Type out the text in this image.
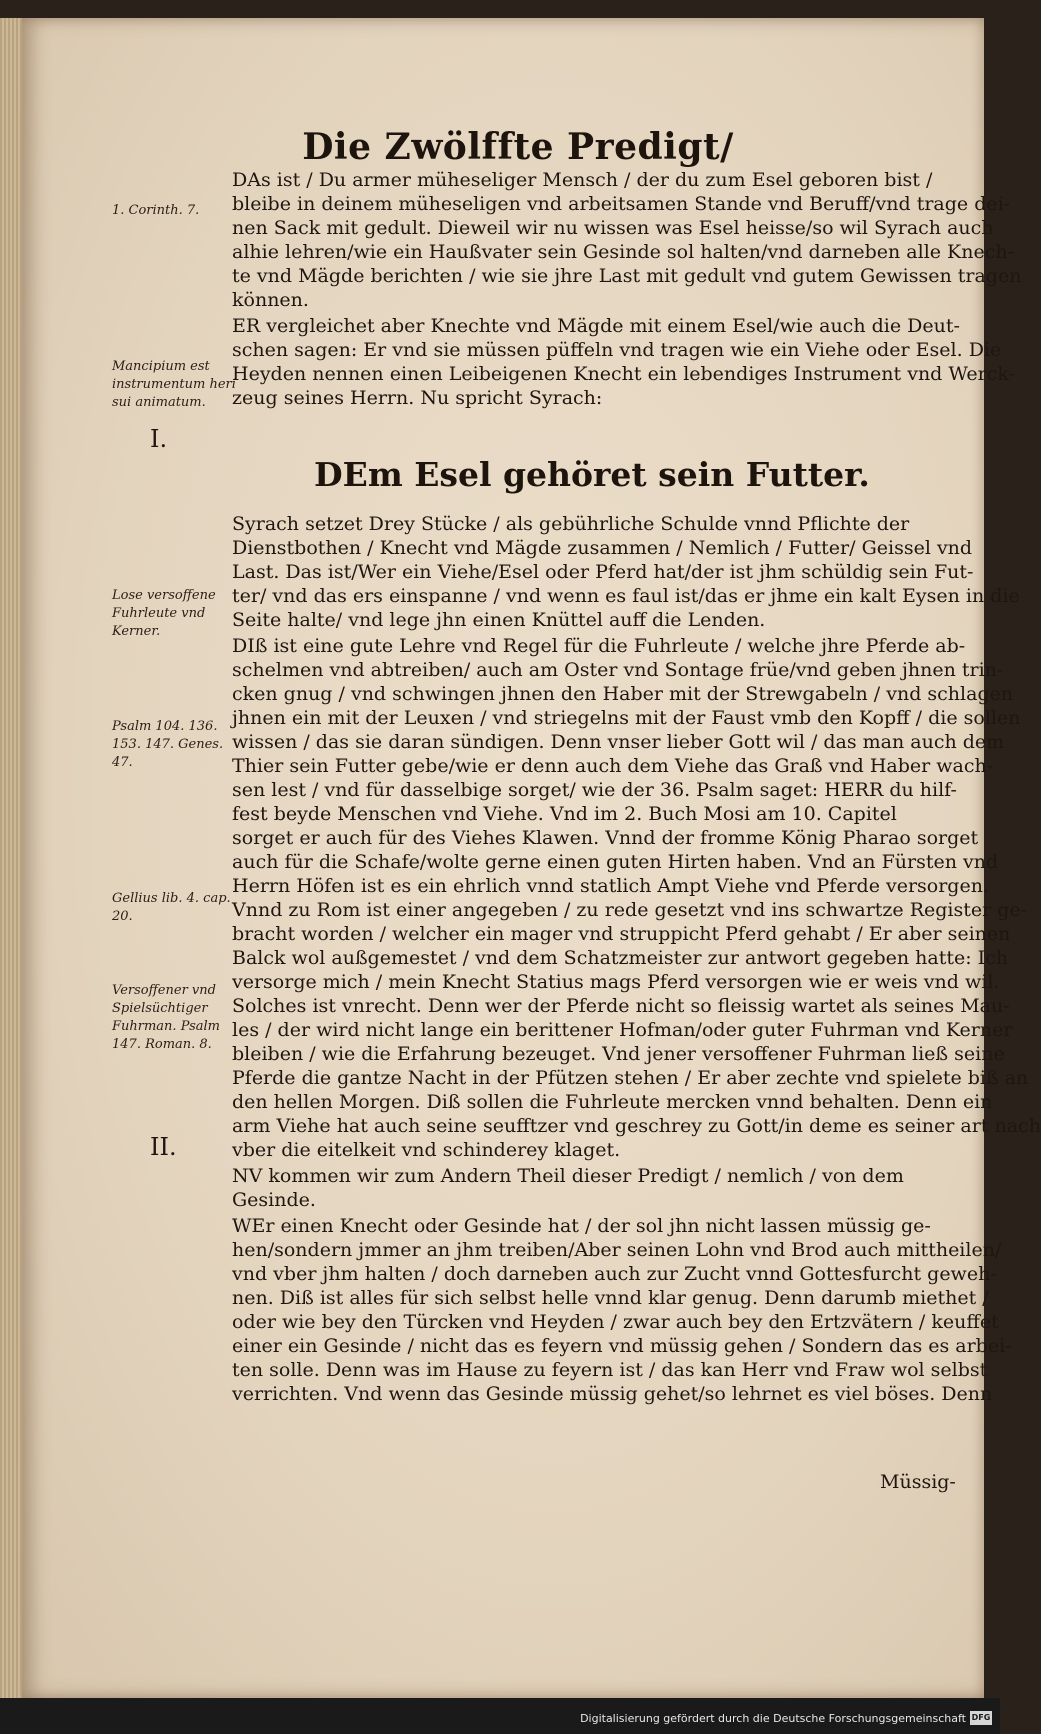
Die Zwölffte Predigt/
1. Corinth. 7.
Mancipium est instrumentum heri sui animatum.
I.
Lose versoffene Fuhrleute vnd Kerner.
Psalm 104. 136. 153. 147. Genes. 47.
Gellius lib. 4. cap. 20.
Versoffener vnd Spielsüchtiger Fuhrman. Psalm 147. Roman. 8.
II.
DEm Esel gehöret sein Futter.
DAs ist / Du armer müheseliger Mensch / der du zum Esel geboren bist /
bleibe in deinem müheseligen vnd arbeitsamen Stande vnd Beruff/vnd trage dei-
nen Sack mit gedult. Dieweil wir nu wissen was Esel heisse/so wil Syrach auch
alhie lehren/wie ein Haußvater sein Gesinde sol halten/vnd darneben alle Knech-
te vnd Mägde berichten / wie sie jhre Last mit gedult vnd gutem Gewissen tragen
können.
ER vergleichet aber Knechte vnd Mägde mit einem Esel/wie auch die Deut-
schen sagen: Er vnd sie müssen püffeln vnd tragen wie ein Viehe oder Esel. Die
Heyden nennen einen Leibeigenen Knecht ein lebendiges Instrument vnd Werck-
zeug seines Herrn. Nu spricht Syrach:
Syrach setzet Drey Stücke / als gebührliche Schulde vnnd Pflichte der
Dienstbothen / Knecht vnd Mägde zusammen / Nemlich / Futter/ Geissel vnd
Last. Das ist/Wer ein Viehe/Esel oder Pferd hat/der ist jhm schüldig sein Fut-
ter/ vnd das ers einspanne / vnd wenn es faul ist/das er jhme ein kalt Eysen in die
Seite halte/ vnd lege jhn einen Knüttel auff die Lenden.
DIß ist eine gute Lehre vnd Regel für die Fuhrleute / welche jhre Pferde ab-
schelmen vnd abtreiben/ auch am Oster vnd Sontage früe/vnd geben jhnen trin-
cken gnug / vnd schwingen jhnen den Haber mit der Strewgabeln / vnd schlagen
jhnen ein mit der Leuxen / vnd striegelns mit der Faust vmb den Kopff / die sollen
wissen / das sie daran sündigen. Denn vnser lieber Gott wil / das man auch dem
Thier sein Futter gebe/wie er denn auch dem Viehe das Graß vnd Haber wach-
sen lest / vnd für dasselbige sorget/ wie der 36. Psalm saget: HERR du hilf-
fest beyde Menschen vnd Viehe. Vnd im 2. Buch Mosi am 10. Capitel
sorget er auch für des Viehes Klawen. Vnnd der fromme König Pharao sorget
auch für die Schafe/wolte gerne einen guten Hirten haben. Vnd an Fürsten vnd
Herrn Höfen ist es ein ehrlich vnnd statlich Ampt Viehe vnd Pferde versorgen.
Vnnd zu Rom ist einer angegeben / zu rede gesetzt vnd ins schwartze Register ge-
bracht worden / welcher ein mager vnd struppicht Pferd gehabt / Er aber seinen
Balck wol außgemestet / vnd dem Schatzmeister zur antwort gegeben hatte: Ich
versorge mich / mein Knecht Statius mags Pferd versorgen wie er weis vnd wil.
Solches ist vnrecht. Denn wer der Pferde nicht so fleissig wartet als seines Mau-
les / der wird nicht lange ein berittener Hofman/oder guter Fuhrman vnd Kerner
bleiben / wie die Erfahrung bezeuget. Vnd jener versoffener Fuhrman ließ seine
Pferde die gantze Nacht in der Pfützen stehen / Er aber zechte vnd spielete biß an
den hellen Morgen. Diß sollen die Fuhrleute mercken vnnd behalten. Denn ein
arm Viehe hat auch seine seufftzer vnd geschrey zu Gott/in deme es seiner art nach
vber die eitelkeit vnd schinderey klaget.
NV kommen wir zum Andern Theil dieser Predigt / nemlich / von dem
Gesinde.
WEr einen Knecht oder Gesinde hat / der sol jhn nicht lassen müssig ge-
hen/sondern jmmer an jhm treiben/Aber seinen Lohn vnd Brod auch mittheilen/
vnd vber jhm halten / doch darneben auch zur Zucht vnnd Gottesfurcht geweh-
nen. Diß ist alles für sich selbst helle vnnd klar genug. Denn darumb miethet /
oder wie bey den Türcken vnd Heyden / zwar auch bey den Ertzvätern / keuffet
einer ein Gesinde / nicht das es feyern vnd müssig gehen / Sondern das es arbei-
ten solle. Denn was im Hause zu feyern ist / das kan Herr vnd Fraw wol selbst
verrichten. Vnd wenn das Gesinde müssig gehet/so lehrnet es viel böses. Denn
Müssig-
Digitalisierung gefördert durch die Deutsche Forschungsgemeinschaft DFG
